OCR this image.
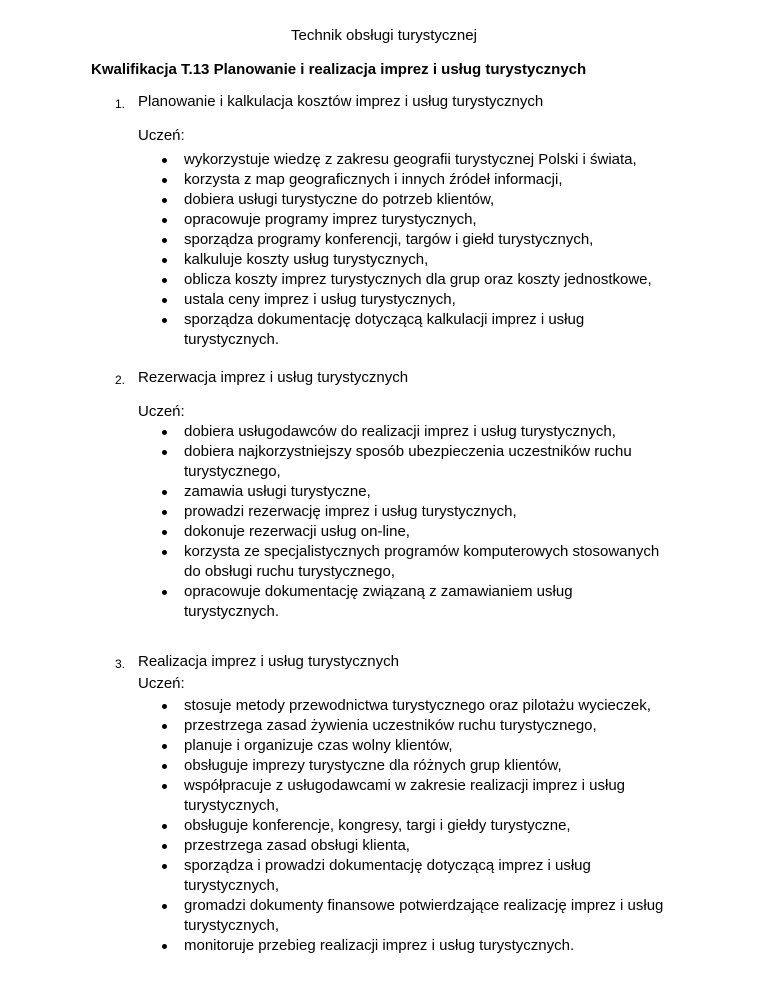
Technik obsługi turystycznej
Kwalifikacja T.13 Planowanie i realizacja imprez i usług turystycznych
1. Planowanie i kalkulacja kosztów imprez i usług turystycznych
Uczeń:
wykorzystuje wiedzę z zakresu geografii turystycznej Polski i świata,
korzysta z map geograficznych i innych źródeł informacji,
dobiera usługi turystyczne do potrzeb klientów,
opracowuje programy imprez turystycznych,
sporządza programy konferencji, targów i giełd turystycznych,
kalkuluje koszty usług turystycznych,
oblicza koszty imprez turystycznych dla grup oraz koszty jednostkowe,
ustala ceny imprez i usług turystycznych,
sporządza dokumentację dotyczącą kalkulacji imprez i usług turystycznych.
2. Rezerwacja imprez i usług turystycznych
Uczeń:
dobiera usługodawców do realizacji imprez i usług turystycznych,
dobiera najkorzystniejszy sposób ubezpieczenia uczestników ruchu turystycznego,
zamawia usługi turystyczne,
prowadzi rezerwację imprez i usług turystycznych,
dokonuje rezerwacji usług on-line,
korzysta ze specjalistycznych programów komputerowych stosowanych do obsługi ruchu turystycznego,
opracowuje dokumentację związaną z zamawianiem usług turystycznych.
3. Realizacja imprez i usług turystycznych
Uczeń:
stosuje metody przewodnictwa turystycznego oraz pilotażu wycieczek,
przestrzega zasad żywienia uczestników ruchu turystycznego,
planuje i organizuje czas wolny klientów,
obsługuje imprezy turystyczne dla różnych grup klientów,
współpracuje z usługodawcami w zakresie realizacji imprez i usług turystycznych,
obsługuje konferencje, kongresy, targi i giełdy turystyczne,
przestrzega zasad obsługi klienta,
sporządza i prowadzi dokumentację dotyczącą imprez i usług turystycznych,
gromadzi dokumenty finansowe potwierdzające realizację imprez i usług turystycznych,
monitoruje przebieg realizacji imprez i usług turystycznych.
